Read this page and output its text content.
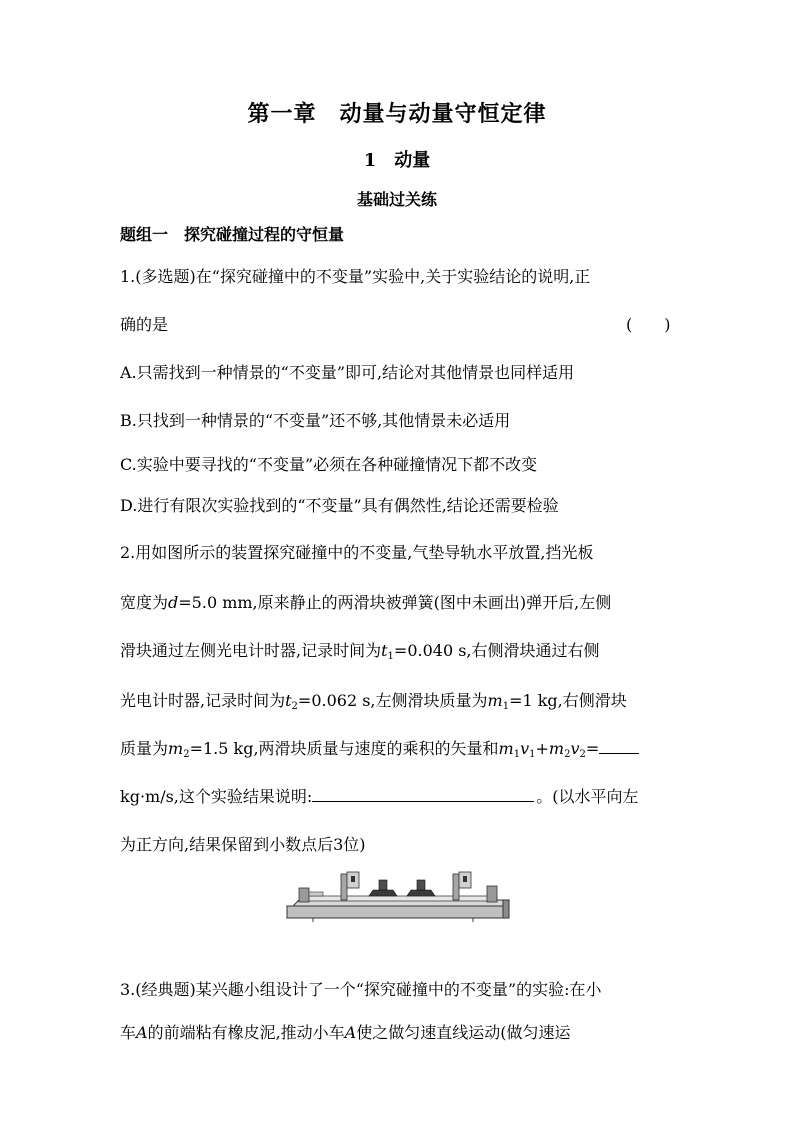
第一章　动量与动量守恒定律
1　动量
基础过关练
题组一　探究碰撞过程的守恒量
1.(多选题)在“探究碰撞中的不变量”实验中,关于实验结论的说明,正
确的是	(　　)
A.只需找到一种情景的“不变量”即可,结论对其他情景也同样适用
B.只找到一种情景的“不变量”还不够,其他情景未必适用
C.实验中要寻找的“不变量”必须在各种碰撞情况下都不改变
D.进行有限次实验找到的“不变量”具有偶然性,结论还需要检验
2.用如图所示的装置探究碰撞中的不变量,气垫导轨水平放置,挡光板
宽度为d=5.0 mm,原来静止的两滑块被弹簧(图中未画出)弹开后,左侧
滑块通过左侧光电计时器,记录时间为$t_1=0.040$ s,右侧滑块通过右侧
光电计时器,记录时间为$t_2=0.062$ s,左侧滑块质量为$m_1=1$ kg,右侧滑块
质量为$m_2=1.5$ kg,两滑块质量与速度的乘积的矢量和$m_1v_1+m_2v_2=$
kg·m/s,这个实验结果说明:	。(以水平向左
为正方向,结果保留到小数点后3位)
3.(经典题)某兴趣小组设计了一个“探究碰撞中的不变量”的实验:在小
车A的前端粘有橡皮泥,推动小车A使之做匀速直线运动(做匀速运
